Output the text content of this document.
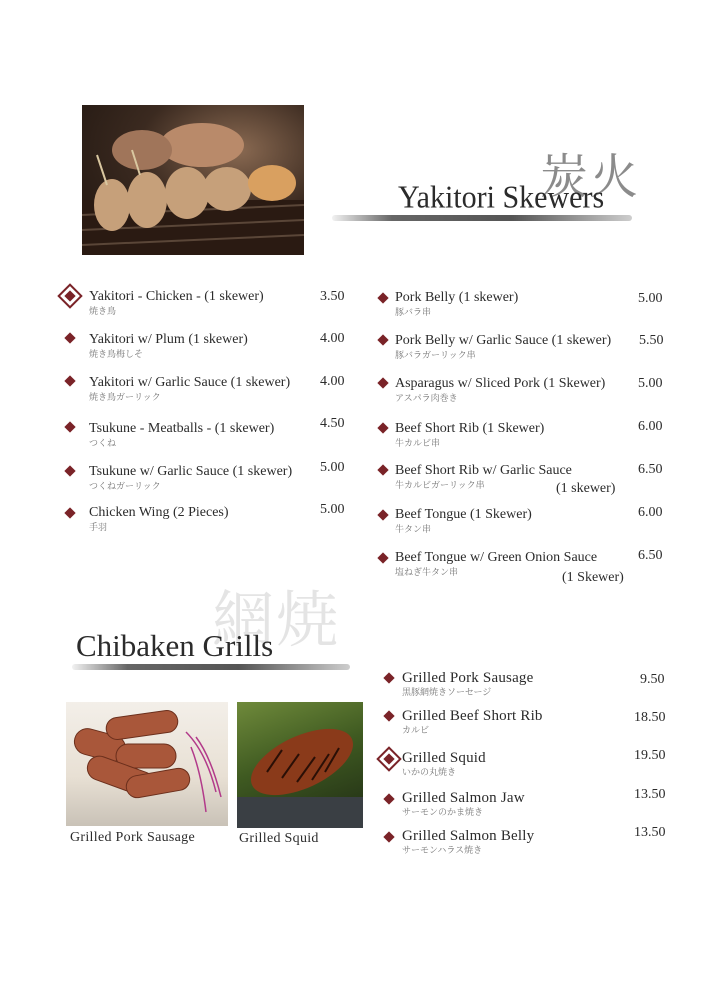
炭火
Yakitori Skewers
Yakitori - Chicken - (1 skewer)
焼き鳥
3.50
Yakitori w/ Plum (1 skewer)
焼き鳥梅しそ
4.00
Yakitori w/ Garlic Sauce (1 skewer)
焼き鳥ガーリック
4.00
Tsukune - Meatballs - (1 skewer)
つくね
4.50
Tsukune w/ Garlic Sauce (1 skewer)
つくねガーリック
5.00
Chicken Wing (2 Pieces)
手羽
5.00
Pork Belly (1 skewer)
豚バラ串
5.00
Pork Belly w/ Garlic Sauce (1 skewer)
豚バラガーリック串
5.50
Asparagus w/ Sliced Pork (1 Skewer)
アスパラ肉巻き
5.00
Beef Short Rib (1 Skewer)
牛カルビ串
6.00
Beef Short Rib w/ Garlic Sauce
牛カルビガーリック串	(1 skewer)
6.50
Beef Tongue (1 Skewer)
牛タン串
6.00
Beef Tongue w/ Green Onion Sauce
塩ねぎ牛タン串	(1 Skewer)
6.50
網焼
Chibaken Grills
Grilled Pork Sausage	Grilled Squid
Grilled Pork Sausage
黒豚網焼きソーセージ
9.50
Grilled Beef Short Rib
カルビ
18.50
Grilled Squid
いかの丸焼き
19.50
Grilled Salmon Jaw
サーモンのかま焼き
13.50
Grilled Salmon Belly
サーモンハラス焼き
13.50
